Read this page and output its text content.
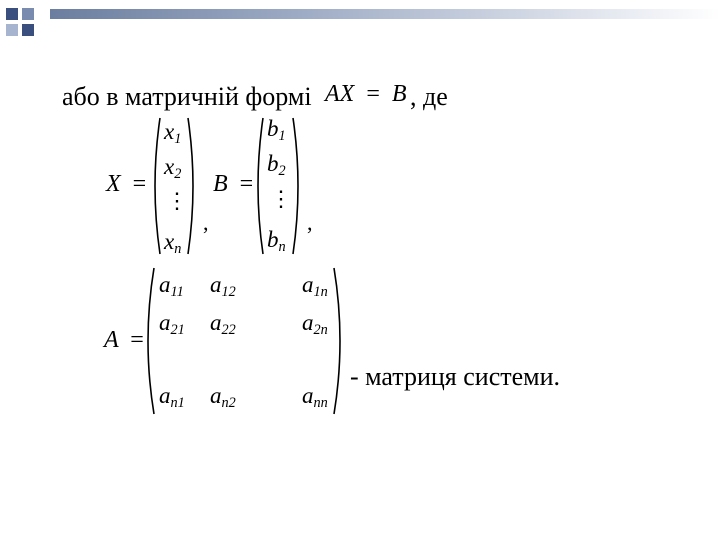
або в матричній формі AX = B , де
X =
$x_1$
$x_2$
⋮
$x_n$
,
B =
$b_1$
$b_2$
⋮
$b_n$
,
A =
$a_{11}$ $a_{12}$	$a_{1n}$
$a_{21}$ $a_{22}$	$a_{2n}$
$a_{n1}$ $a_{n2}$	$a_{nn}$
- матриця системи.
